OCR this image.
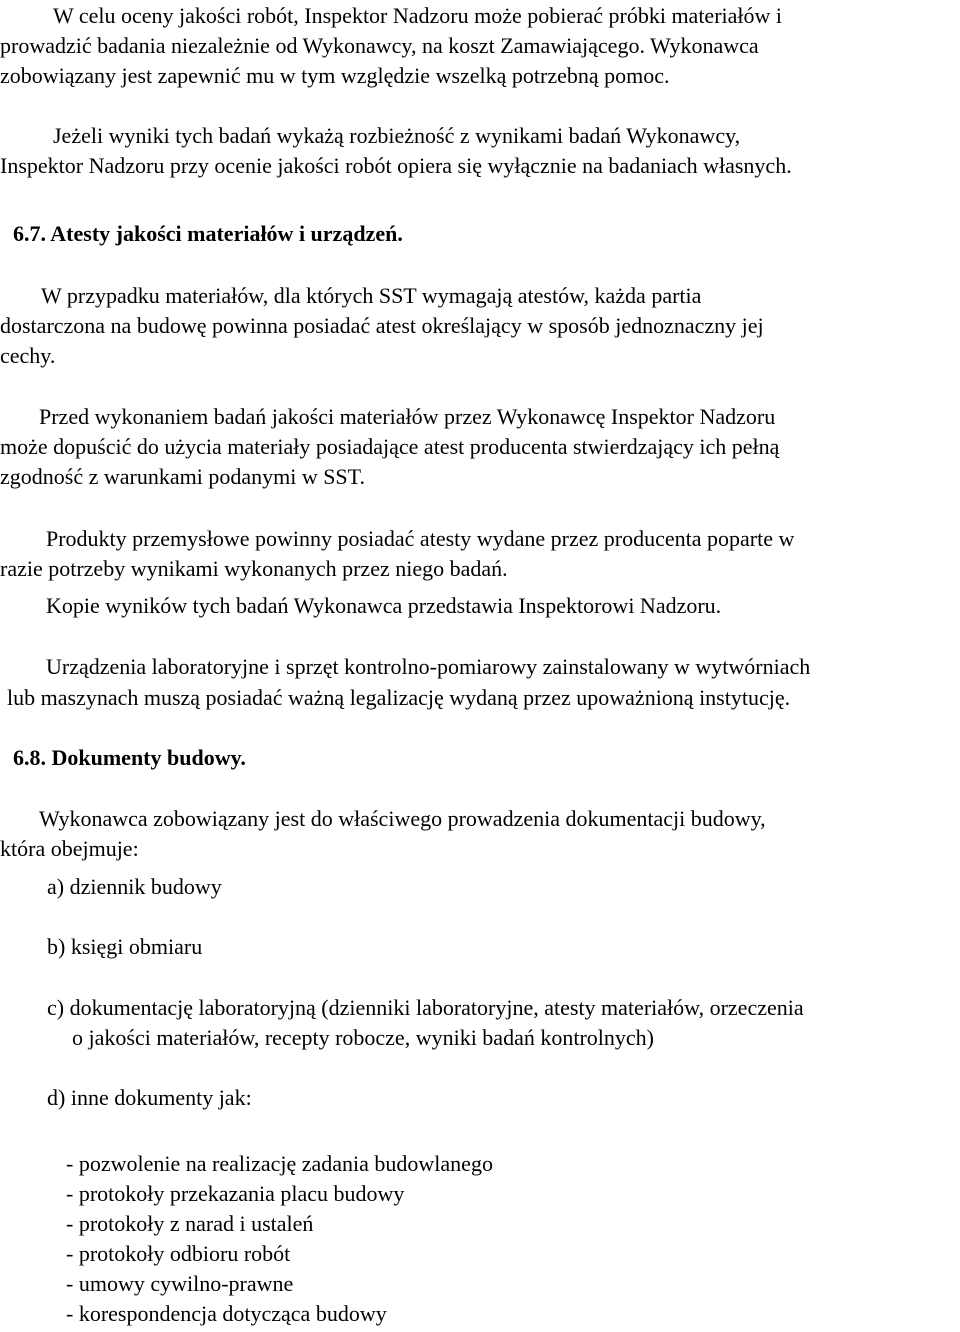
W celu oceny jakości robót, Inspektor Nadzoru może pobierać próbki materiałów i
prowadzić badania niezależnie od Wykonawcy, na koszt Zamawiającego. Wykonawca
zobowiązany jest zapewnić mu w tym względzie wszelką potrzebną pomoc.
Jeżeli wyniki tych badań wykażą rozbieżność z wynikami badań Wykonawcy,
Inspektor Nadzoru przy ocenie jakości robót opiera się wyłącznie na badaniach własnych.
6.7. Atesty jakości materiałów i urządzeń.
W przypadku materiałów, dla których SST wymagają atestów, każda partia
dostarczona na budowę powinna posiadać atest określający w sposób jednoznaczny jej
cechy.
Przed wykonaniem badań jakości materiałów przez Wykonawcę Inspektor Nadzoru
może dopuścić do użycia materiały posiadające atest producenta stwierdzający ich pełną
zgodność z warunkami podanymi w SST.
Produkty przemysłowe powinny posiadać atesty wydane przez producenta poparte w
razie potrzeby wynikami wykonanych przez niego badań.
Kopie wyników tych badań Wykonawca przedstawia Inspektorowi Nadzoru.
Urządzenia laboratoryjne i sprzęt kontrolno-pomiarowy zainstalowany w wytwórniach
lub maszynach muszą posiadać ważną legalizację wydaną przez upoważnioną instytucję.
6.8. Dokumenty budowy.
Wykonawca zobowiązany jest do właściwego prowadzenia dokumentacji budowy,
która obejmuje:
a) dziennik budowy
b) księgi obmiaru
c) dokumentację laboratoryjną (dzienniki laboratoryjne, atesty materiałów, orzeczenia
o jakości materiałów, recepty robocze, wyniki badań kontrolnych)
d) inne dokumenty jak:
- pozwolenie na realizację zadania budowlanego
- protokoły przekazania placu budowy
- protokoły z narad i ustaleń
- protokoły odbioru robót
- umowy cywilno-prawne
- korespondencja dotycząca budowy
